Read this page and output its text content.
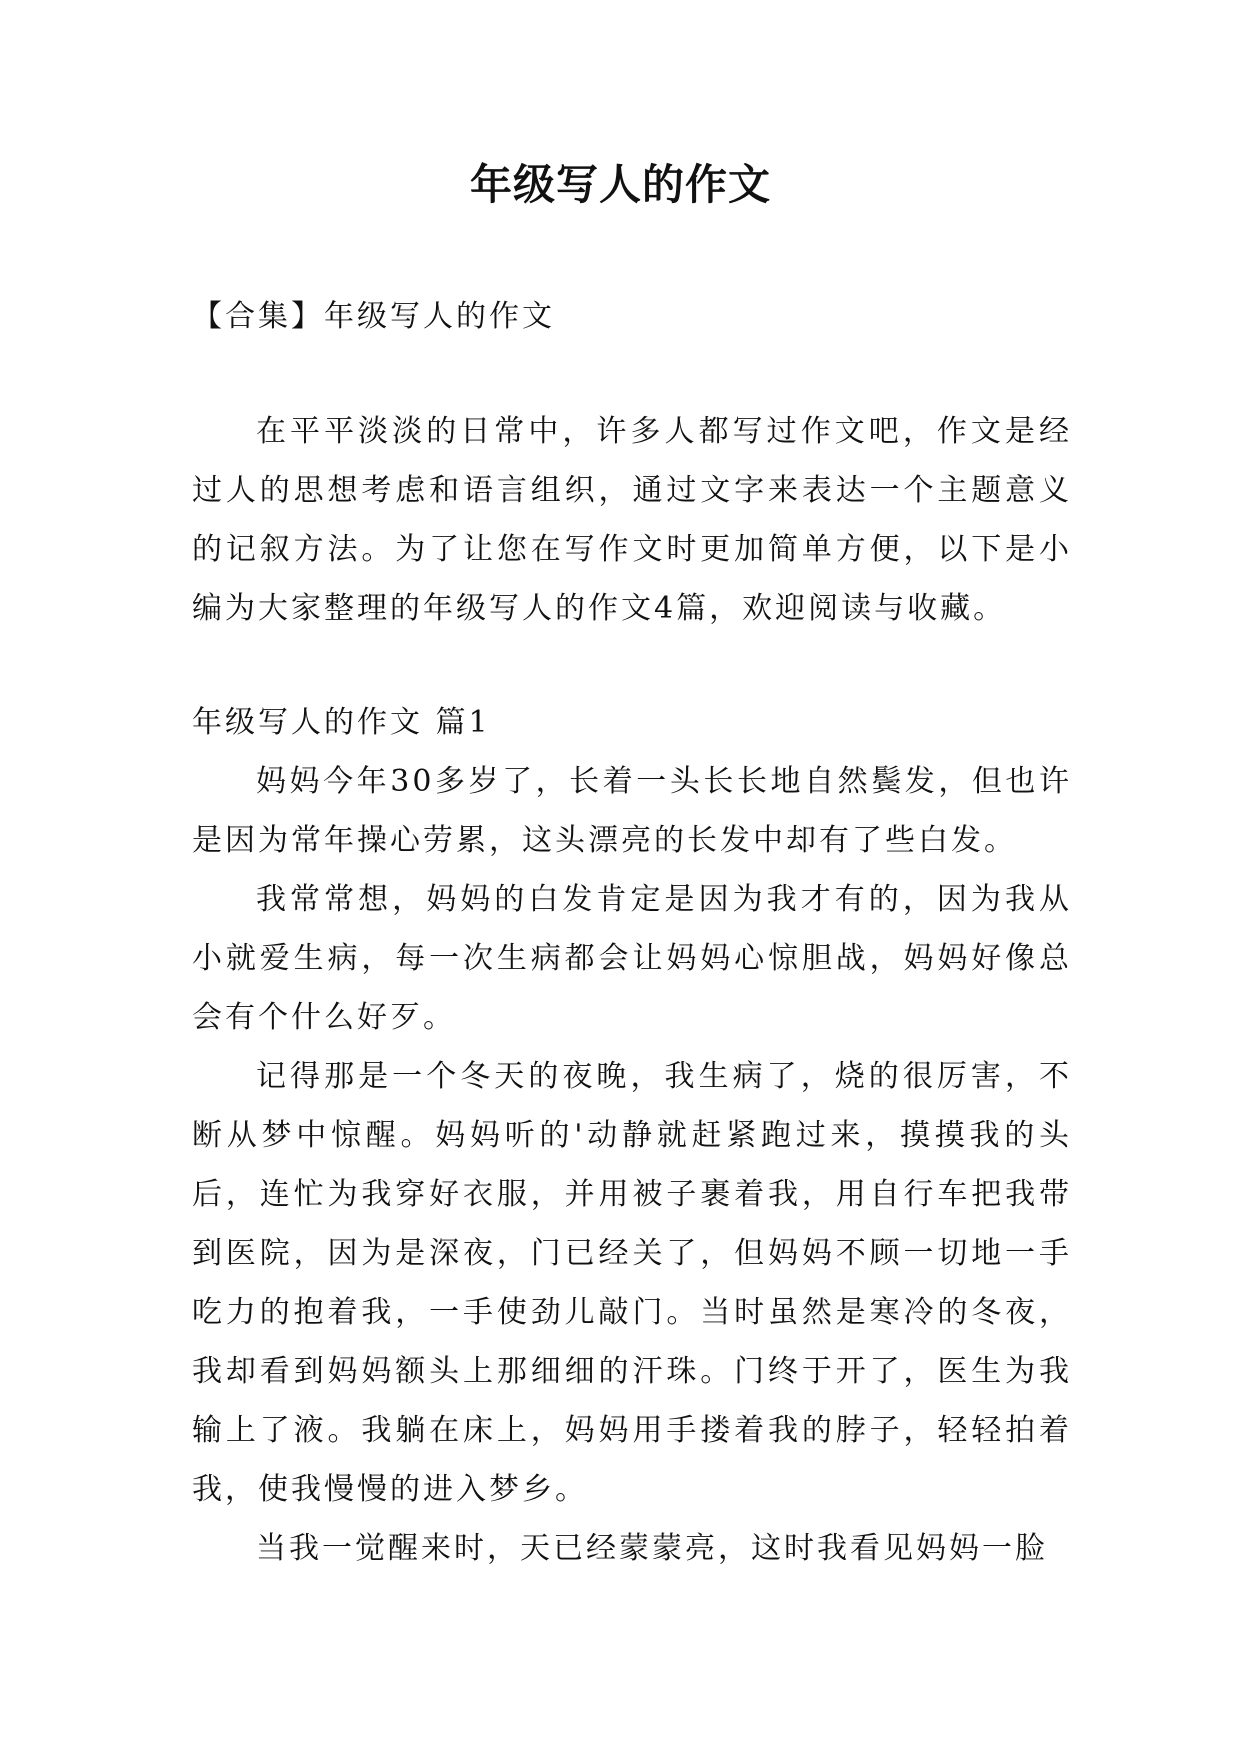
年级写人的作文

【合集】年级写人的作文

在平平淡淡的日常中，许多人都写过作文吧，作文是经过人的思想考虑和语言组织，通过文字来表达一个主题意义的记叙方法。为了让您在写作文时更加简单方便，以下是小编为大家整理的年级写人的作文4篇，欢迎阅读与收藏。

年级写人的作文 篇1

妈妈今年30多岁了，长着一头长长地自然鬓发，但也许是因为常年操心劳累，这头漂亮的长发中却有了些白发。

我常常想，妈妈的白发肯定是因为我才有的，因为我从小就爱生病，每一次生病都会让妈妈心惊胆战，妈妈好像总会有个什么好歹。

记得那是一个冬天的夜晚，我生病了，烧的很厉害，不断从梦中惊醒。妈妈听的'动静就赶紧跑过来，摸摸我的头后，连忙为我穿好衣服，并用被子裹着我，用自行车把我带到医院，因为是深夜，门已经关了，但妈妈不顾一切地一手吃力的抱着我，一手使劲儿敲门。当时虽然是寒冷的冬夜，我却看到妈妈额头上那细细的汗珠。门终于开了，医生为我输上了液。我躺在床上，妈妈用手搂着我的脖子，轻轻拍着我，使我慢慢的进入梦乡。

当我一觉醒来时，天已经蒙蒙亮，这时我看见妈妈一脸
